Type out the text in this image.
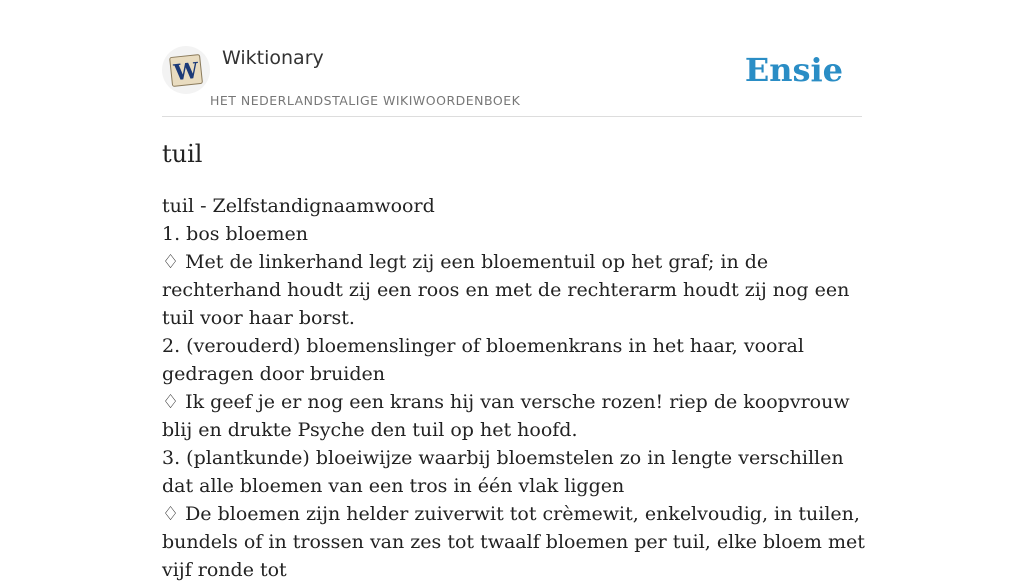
W Wiktionary
HET NEDERLANDSTALIGE WIKIWOORDENBOEK
Ensie
tuil
tuil - Zelfstandignaamwoord
1. bos bloemen
♢ Met de linkerhand legt zij een bloementuil op het graf; in de rechterhand houdt zij een roos en met de rechterarm houdt zij nog een tuil voor haar borst.
2. (verouderd) bloemenslinger of bloemenkrans in het haar, vooral gedragen door bruiden
♢ Ik geef je er nog een krans hij van versche rozen! riep de koopvrouw blij en drukte Psyche den tuil op het hoofd.
3. (plantkunde) bloeiwijze waarbij bloemstelen zo in lengte verschillen dat alle bloemen van een tros in één vlak liggen
♢ De bloemen zijn helder zuiverwit tot crèmewit, enkelvoudig, in tuilen, bundels of in trossen van zes tot twaalf bloemen per tuil, elke bloem met vijf ronde tot
